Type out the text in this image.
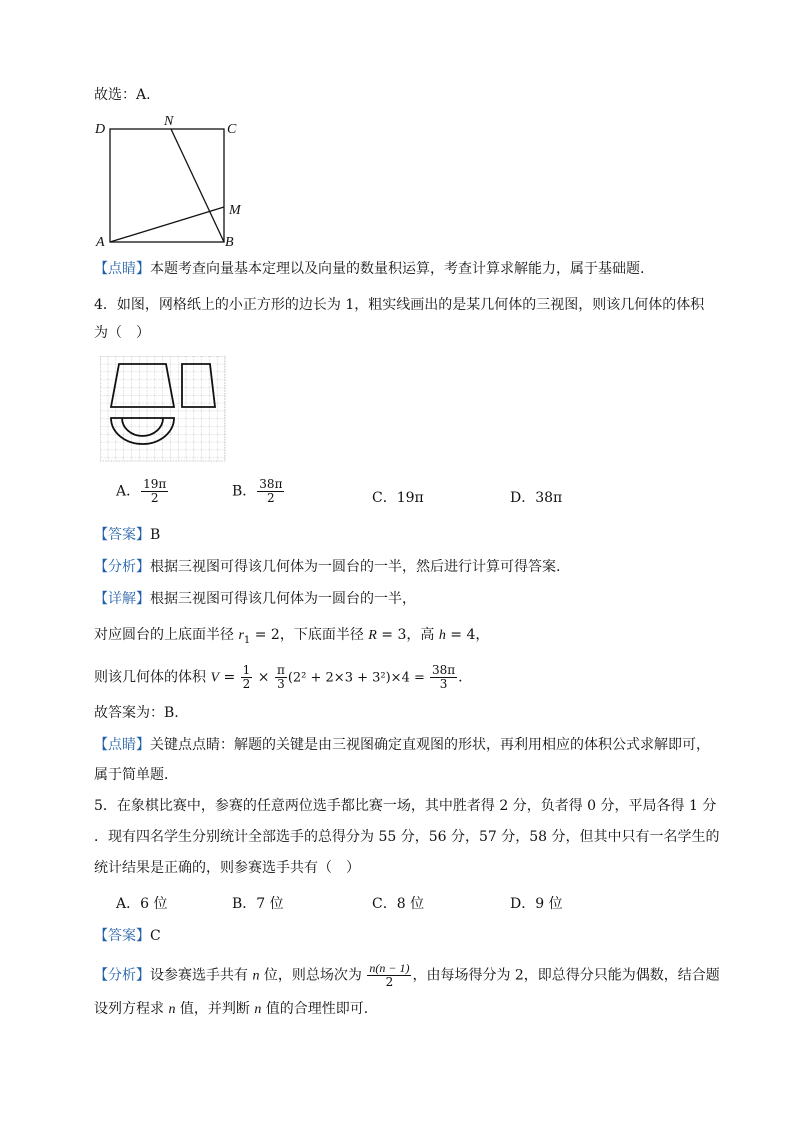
故选：A.
D
N
C
M
A	B
【点睛】本题考查向量基本定理以及向量的数量积运算，考查计算求解能力，属于基础题.
4．如图，网格纸上的小正方形的边长为 1，粗实线画出的是某几何体的三视图，则该几何体的体积
为（　）
A． $\frac{19\pi}{2}$	B． $\frac{38\pi}{2}$	C．19π	D．38π
【答案】B
【分析】根据三视图可得该几何体为一圆台的一半，然后进行计算可得答案.
【详解】根据三视图可得该几何体为一圆台的一半，
对应圆台的上底面半径 $r_1 = 2$，下底面半径 R = 3，高 h = 4，
则该几何体的体积 $V = \frac{1}{2} \times \frac{\pi}{3} (2^2 + 2\times 3 + 3^2)\times 4 = \frac{38\pi}{3}$ .
故答案为：B.
【点睛】关键点点睛：解题的关键是由三视图确定直观图的形状，再利用相应的体积公式求解即可，
属于简单题．
5．在象棋比赛中，参赛的任意两位选手都比赛一场，其中胜者得 2 分，负者得 0 分，平局各得 1 分
．现有四名学生分别统计全部选手的总得分为 55 分，56 分，57 分，58 分，但其中只有一名学生的
统计结果是正确的，则参赛选手共有（　）
A．6 位	B．7 位	C．8 位	D．9 位
【答案】C
【分析】设参赛选手共有 n 位，则总场次为 $\frac{n(n - 1)}{2}$ ，由每场得分为 2，即总得分只能为偶数，结合题
设列方程求 n 值，并判断 n 值的合理性即可.
